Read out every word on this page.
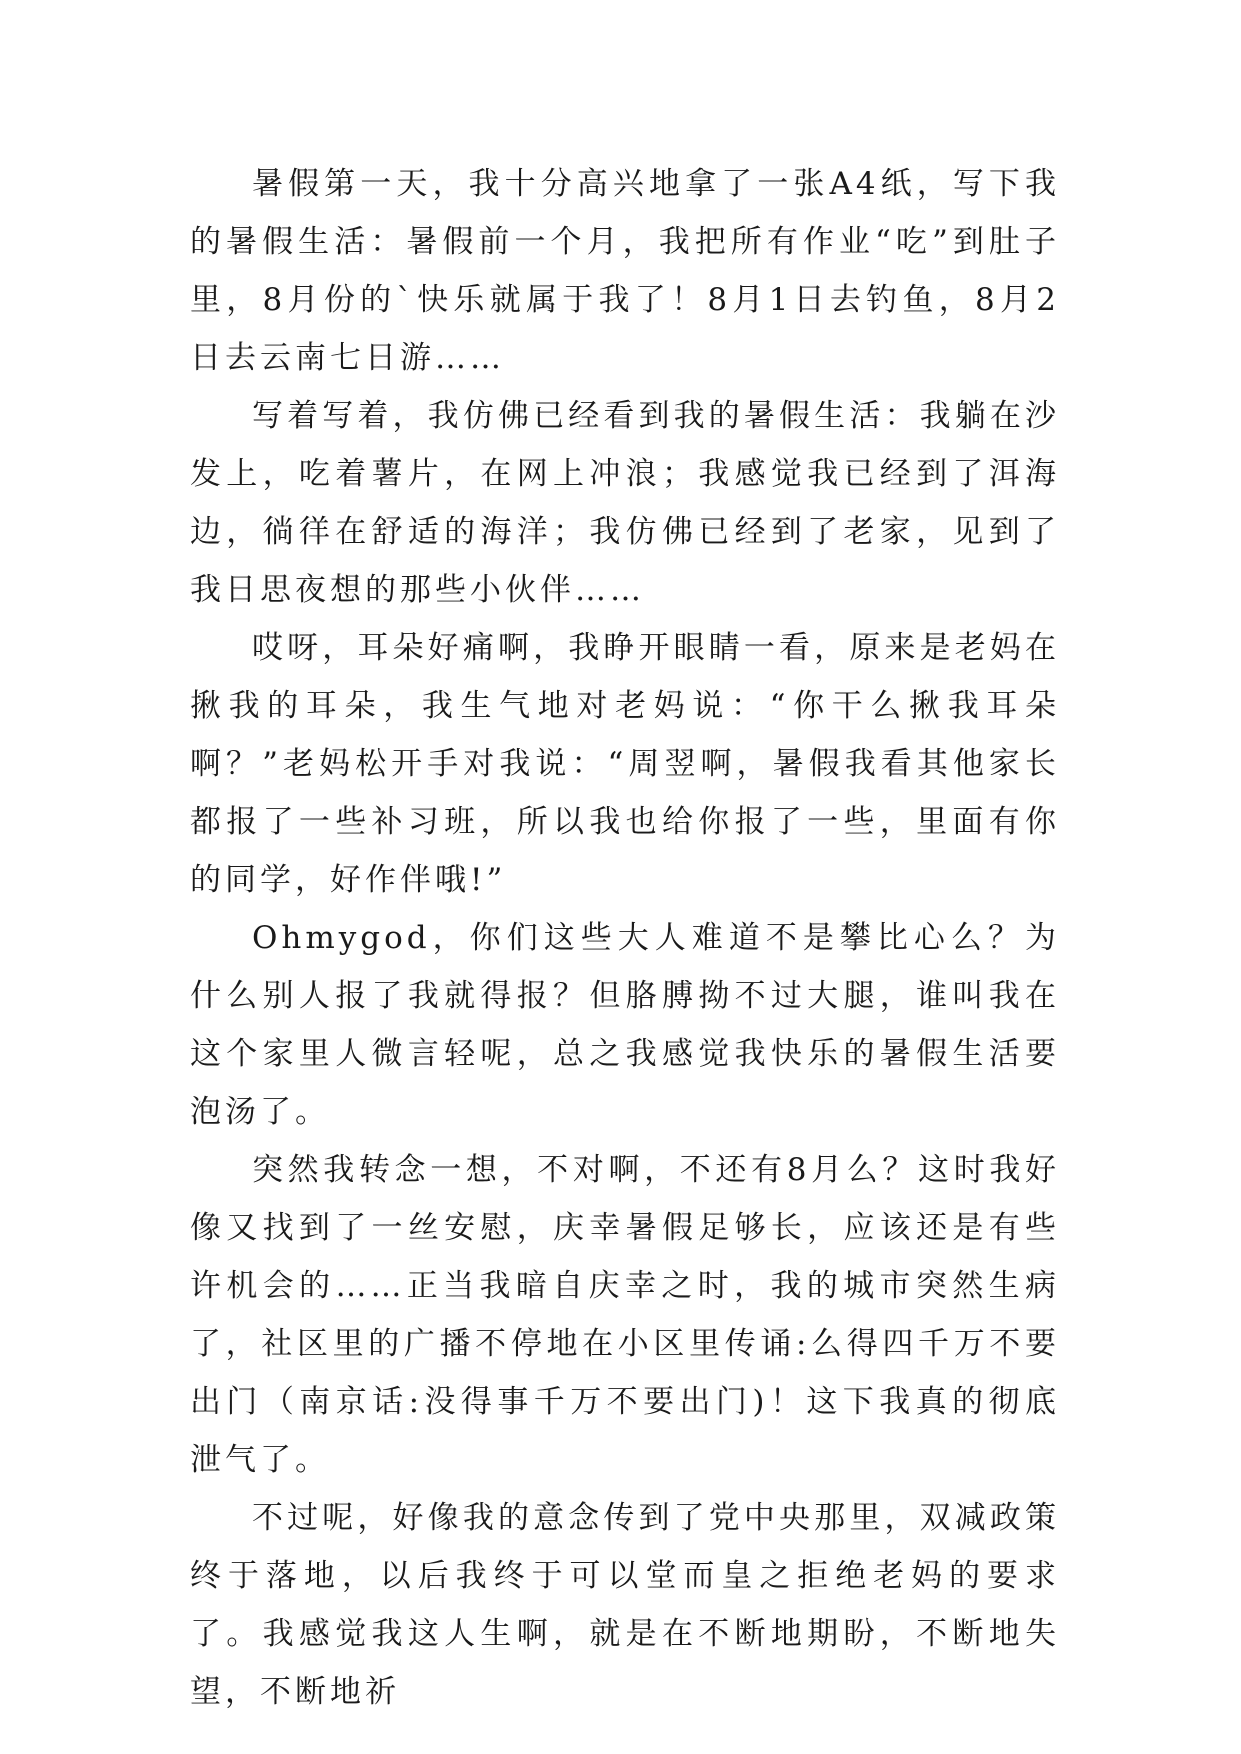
暑假第一天，我十分高兴地拿了一张A4纸，写下我的暑假生活：暑假前一个月，我把所有作业“吃”到肚子里，8月份的`快乐就属于我了！8月1日去钓鱼，8月2日去云南七日游……

写着写着，我仿佛已经看到我的暑假生活：我躺在沙发上，吃着薯片，在网上冲浪；我感觉我已经到了洱海边，徜徉在舒适的海洋；我仿佛已经到了老家，见到了我日思夜想的那些小伙伴……

哎呀，耳朵好痛啊，我睁开眼睛一看，原来是老妈在揪我的耳朵，我生气地对老妈说：“你干么揪我耳朵啊？”老妈松开手对我说：“周翌啊，暑假我看其他家长都报了一些补习班，所以我也给你报了一些，里面有你的同学，好作伴哦!”

Ohmygod，你们这些大人难道不是攀比心么？为什么别人报了我就得报？但胳膊拗不过大腿，谁叫我在这个家里人微言轻呢，总之我感觉我快乐的暑假生活要泡汤了。

突然我转念一想，不对啊，不还有8月么？这时我好像又找到了一丝安慰，庆幸暑假足够长，应该还是有些许机会的……正当我暗自庆幸之时，我的城市突然生病了，社区里的广播不停地在小区里传诵:么得四千万不要出门（南京话:没得事千万不要出门)！这下我真的彻底泄气了。

不过呢，好像我的意念传到了党中央那里，双减政策终于落地，以后我终于可以堂而皇之拒绝老妈的要求了。我感觉我这人生啊，就是在不断地期盼，不断地失望，不断地祈
